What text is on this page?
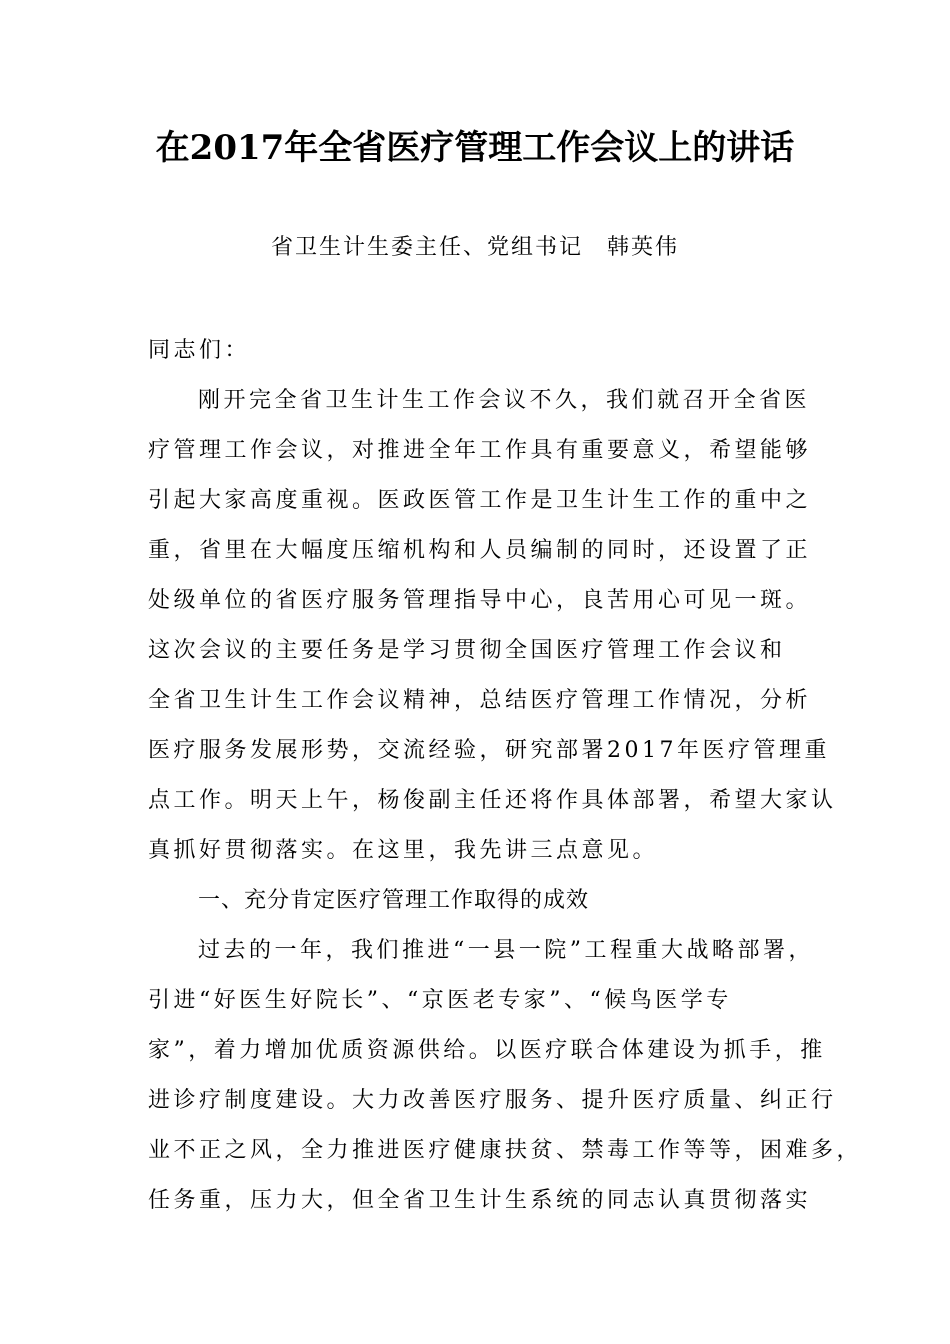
在2017年全省医疗管理工作会议上的讲话
省卫生计生委主任、党组书记　韩英伟
同志们：
刚开完全省卫生计生工作会议不久，我们就召开全省医
疗管理工作会议，对推进全年工作具有重要意义，希望能够
引起大家高度重视。医政医管工作是卫生计生工作的重中之
重，省里在大幅度压缩机构和人员编制的同时，还设置了正
处级单位的省医疗服务管理指导中心，良苦用心可见一斑。
这次会议的主要任务是学习贯彻全国医疗管理工作会议和
全省卫生计生工作会议精神，总结医疗管理工作情况，分析
医疗服务发展形势，交流经验，研究部署2017年医疗管理重
点工作。明天上午，杨俊副主任还将作具体部署，希望大家认
真抓好贯彻落实。在这里，我先讲三点意见。
一、充分肯定医疗管理工作取得的成效
过去的一年，我们推进“一县一院”工程重大战略部署，
引进“好医生好院长”、“京医老专家”、“候鸟医学专
家”，着力增加优质资源供给。以医疗联合体建设为抓手，推
进诊疗制度建设。大力改善医疗服务、提升医疗质量、纠正行
业不正之风，全力推进医疗健康扶贫、禁毒工作等等，困难多，
任务重，压力大，但全省卫生计生系统的同志认真贯彻落实
